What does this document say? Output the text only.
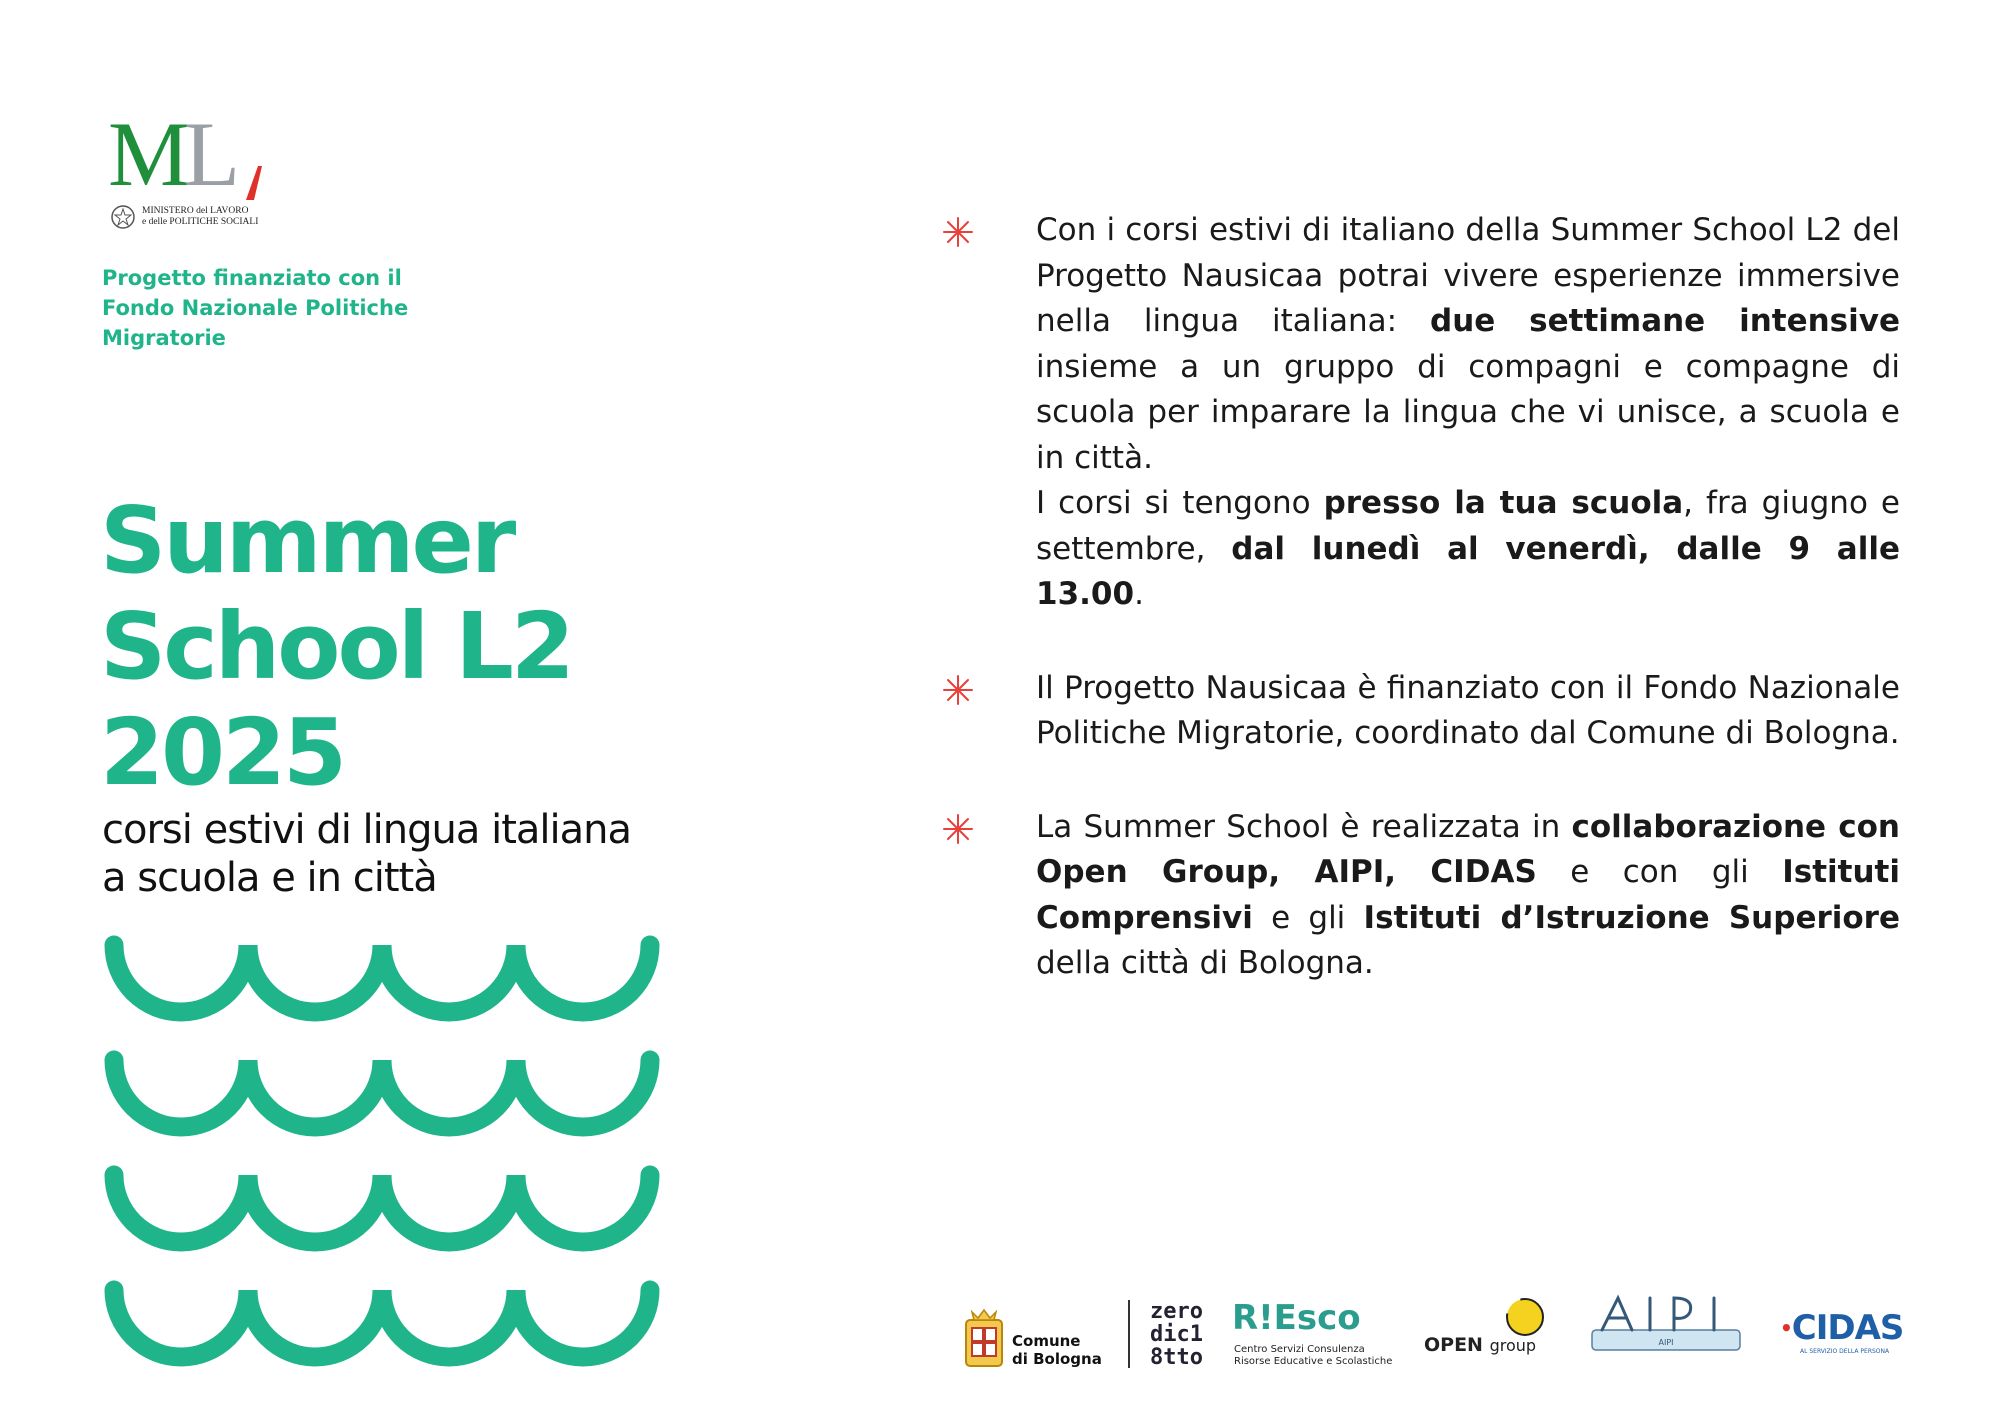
ML
MINISTERO del LAVORO
e delle POLITICHE SOCIALI
Progetto finanziato con il Fondo Nazionale Politiche Migratorie
Summer
School L2
2025
corsi estivi di lingua italiana
a scuola e in città

Con i corsi estivi di italiano della Summer School L2 del Progetto Nausicaa potrai vivere esperienze immersive nella lingua italiana: due settimane intensive insieme a un gruppo di compagni e compagne di scuola per imparare la lingua che vi unisce, a scuola e in città.
I corsi si tengono presso la tua scuola, fra giugno e settembre, dal lunedì al venerdì, dalle 9 alle 13.00.

Il Progetto Nausicaa è finanziato con il Fondo Nazionale Politiche Migratorie, coordinato dal Comune di Bologna.

La Summer School è realizzata in collaborazione con Open Group, AIPI, CIDAS e con gli Istituti Comprensivi e gli Istituti d’Istruzione Superiore della città di Bologna.

Comune
di Bologna
zero
dic1
8tto
R!Esco
Centro Servizi Consulenza
Risorse Educative e Scolastiche
OPEN group	AIPI
•CIDAS
AL SERVIZIO DELLA PERSONA
